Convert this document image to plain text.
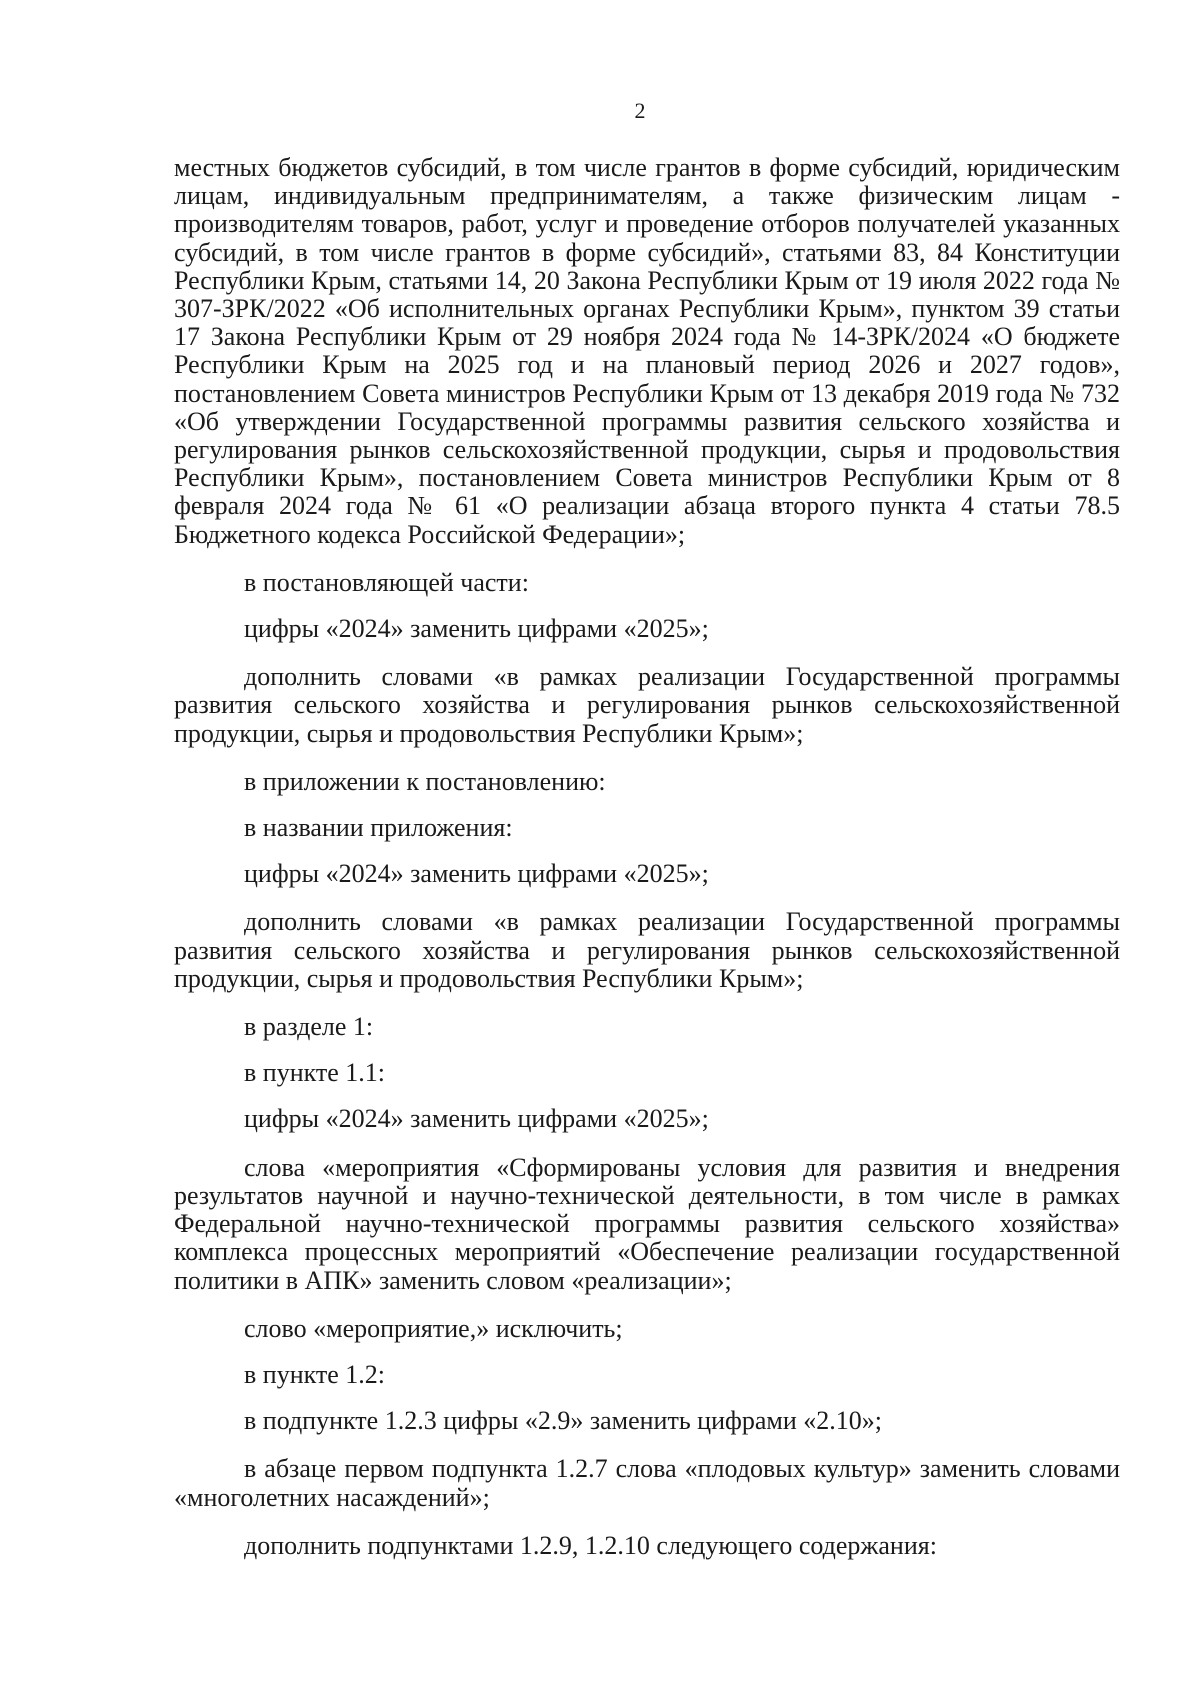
2

местных бюджетов субсидий, в том числе грантов в форме субсидий, юридическим лицам, индивидуальным предпринимателям, а также физическим лицам - производителям товаров, работ, услуг и проведение отборов получателей указанных субсидий, в том числе грантов в форме субсидий», статьями 83, 84 Конституции Республики Крым, статьями 14, 20 Закона Республики Крым от 19 июля 2022 года № 307-ЗРК/2022 «Об исполнительных органах Республики Крым», пунктом 39 статьи 17 Закона Республики Крым от 29 ноября 2024 года № 14-ЗРК/2024 «О бюджете Республики Крым на 2025 год и на плановый период 2026 и 2027 годов», постановлением Совета министров Республики Крым от 13 декабря 2019 года № 732 «Об утверждении Государственной программы развития сельского хозяйства и регулирования рынков сельскохозяйственной продукции, сырья и продовольствия Республики Крым», постановлением Совета министров Республики Крым от 8 февраля 2024 года № 61 «О реализации абзаца второго пункта 4 статьи 78.5 Бюджетного кодекса Российской Федерации»;

в постановляющей части:

цифры «2024» заменить цифрами «2025»;

дополнить словами «в рамках реализации Государственной программы развития сельского хозяйства и регулирования рынков сельскохозяйственной продукции, сырья и продовольствия Республики Крым»;

в приложении к постановлению:

в названии приложения:

цифры «2024» заменить цифрами «2025»;

дополнить словами «в рамках реализации Государственной программы развития сельского хозяйства и регулирования рынков сельскохозяйственной продукции, сырья и продовольствия Республики Крым»;

в разделе 1:

в пункте 1.1:

цифры «2024» заменить цифрами «2025»;

слова «мероприятия «Сформированы условия для развития и внедрения результатов научной и научно-технической деятельности, в том числе в рамках Федеральной научно-технической программы развития сельского хозяйства» комплекса процессных мероприятий «Обеспечение реализации государственной политики в АПК» заменить словом «реализации»;

слово «мероприятие,» исключить;

в пункте 1.2:

в подпункте 1.2.3 цифры «2.9» заменить цифрами «2.10»;

в абзаце первом подпункта 1.2.7 слова «плодовых культур» заменить словами «многолетних насаждений»;

дополнить подпунктами 1.2.9, 1.2.10 следующего содержания:
